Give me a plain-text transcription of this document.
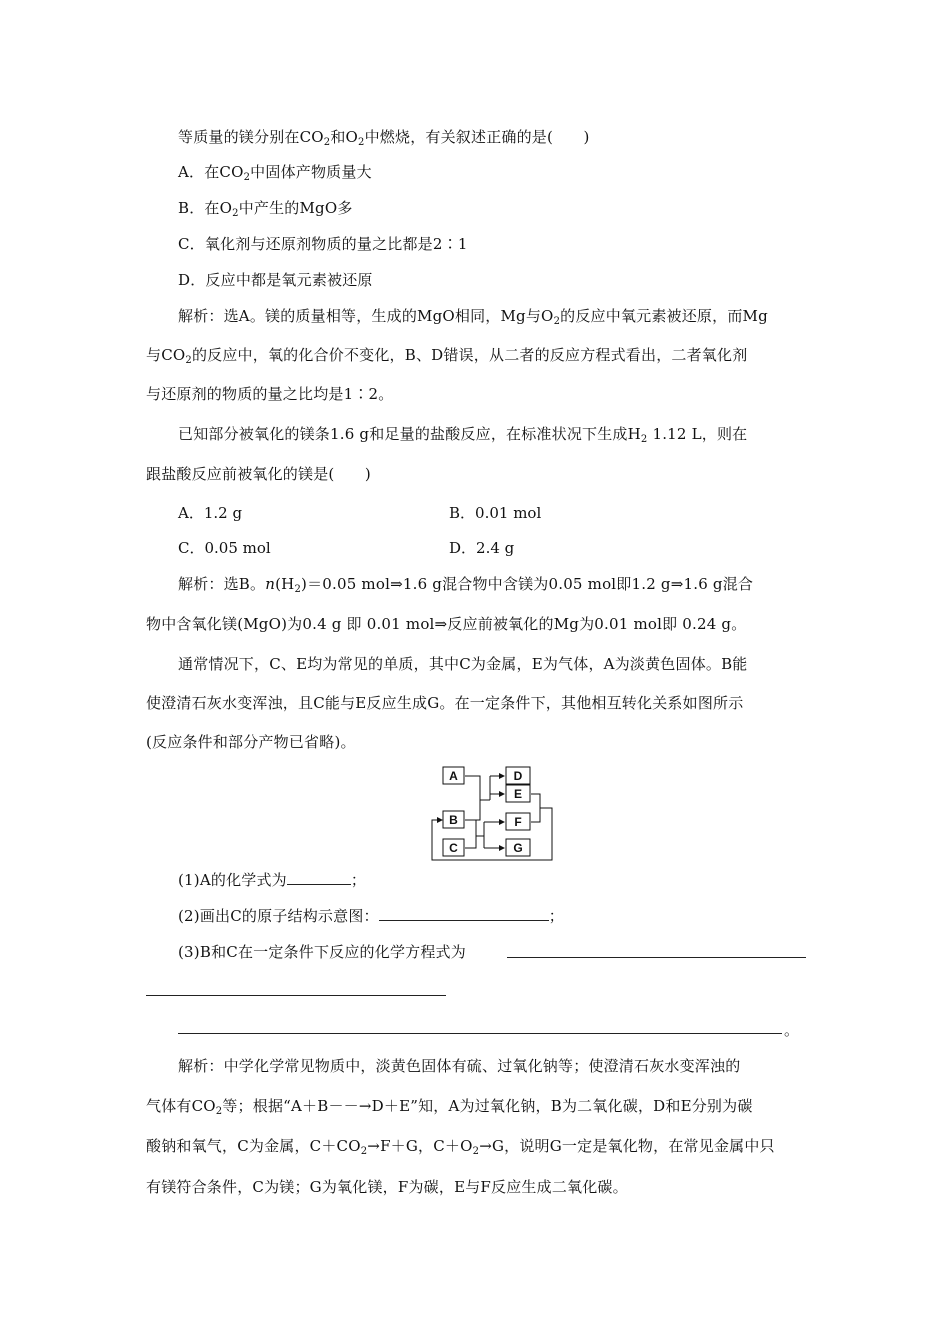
等质量的镁分别在$CO_2$和$O_2$中燃烧，有关叙述正确的是(　　)
A．在$CO_2$中固体产物质量大
B．在$O_2$中产生的MgO多
C．氧化剂与还原剂物质的量之比都是2∶1
D．反应中都是氧元素被还原
解析：选A。镁的质量相等，生成的MgO相同，Mg与$O_2$的反应中氧元素被还原，而Mg
与$CO_2$的反应中，氧的化合价不变化，B、D错误，从二者的反应方程式看出，二者氧化剂
与还原剂的物质的量之比均是1∶2。
已知部分被氧化的镁条1.6 g和足量的盐酸反应，在标准状况下生成$H_2$ 1.12 L，则在
跟盐酸反应前被氧化的镁是(　　)
A．1.2 g	B．0.01 mol
C．0.05 mol	D．2.4 g
解析：选B。$n(H_2)=0.05$ mol⇒1.6 g混合物中含镁为0.05 mol即1.2 g⇒1.6 g混合
物中含氧化镁(MgO)为0.4 g 即 0.01 mol⇒反应前被氧化的Mg为0.01 mol即 0.24 g。
通常情况下，C、E均为常见的单质，其中C为金属，E为气体，A为淡黄色固体。B能
使澄清石灰水变浑浊，且C能与E反应生成G。在一定条件下，其他相互转化关系如图所示
(反应条件和部分产物已省略)。
A
B
C
D
E
F
G
(1)A的化学式为	；
(2)画出C的原子结构示意图：	；
(3)B和C在一定条件下反应的化学方程式为
。
解析：中学化学常见物质中，淡黄色固体有硫、过氧化钠等；使澄清石灰水变浑浊的
气体有$CO_2$等；根据“A＋B－－→D＋E”知，A为过氧化钠，B为二氧化碳，D和E分别为碳
酸钠和氧气，C为金属，$C+CO_2\to F+G$，$C+O_2\to G$，说明G一定是氧化物，在常见金属中只
有镁符合条件，C为镁；G为氧化镁，F为碳，E与F反应生成二氧化碳。
